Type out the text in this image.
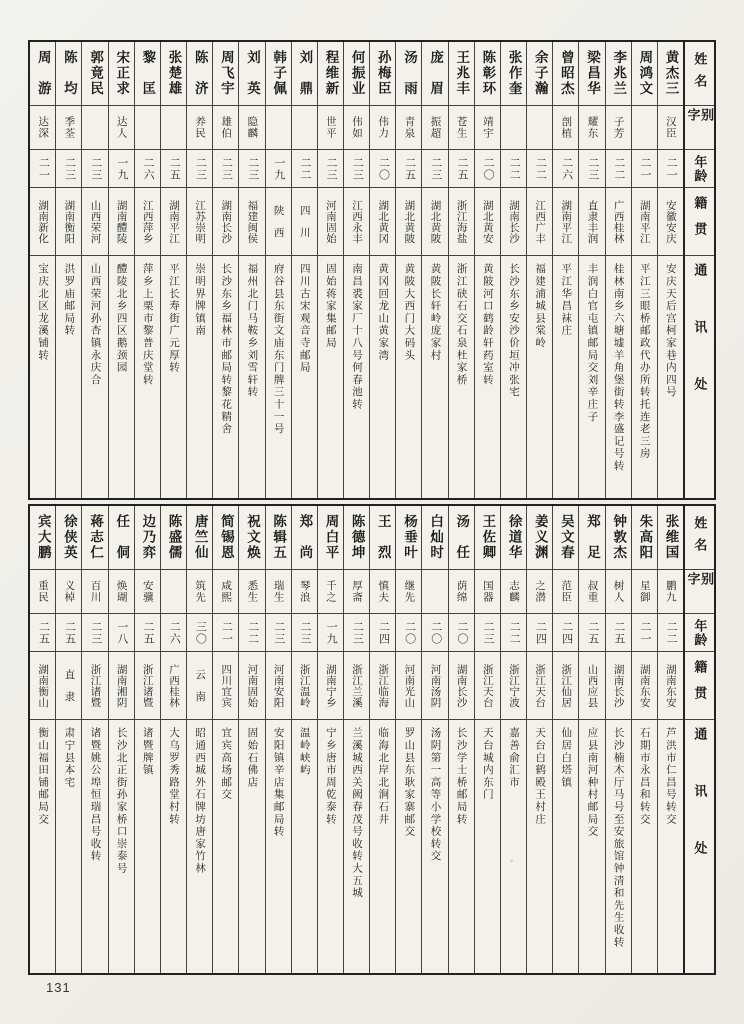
姓名
别字
年龄
籍贯
通讯处
黄杰三
汉臣
二一
安徽安庆
安庆天后宫柯家巷内四号
周鸿文
二一
湖南平江
平江三眼桥邮政代办所转托连老三房
李兆兰
子芳
二二
广西桂林
桂林南乡六塘墟羊角堡街转李盛记号转
梁昌华
耀东
二三
直隶丰润
丰润白官屯镇邮局交刘辛庄子
曾昭杰
剖植
二六
湖南平江
平江华昌袜庄
余子瀚
二二
江西广丰
福建浦城县棠岭
张作奎
二二
湖南长沙
长沙东乡安沙价垣冲张宅
陈彰环
靖宇
二〇
湖北黄安
黄陂河口鹤龄轩药室转
王兆丰
苍生
二五
浙江海盐
浙江硖石交石泉杜家桥
庞　眉
振超
二三
湖北黄陂
黄陂长轩岭庞家村
汤　雨
青泉
二五
湖北黄陂
黄陂大西门大码头
孙梅臣
伟力
二〇
湖北黄冈
黄冈回龙山黄家湾
何振业
伟如
二三
江西永丰
南昌裘家厂十八号何春池转
程维新
世平
二三
河南固始
固始蒋家集邮局
刘　鼎
二二
四　川
四川古宋观音寺邮局
韩子佩
一九
陕　西
府谷县东街文庙东门牌三十一号
刘　英
隐麟
二三
福建闽侯
福州北门马鞍乡刘雪轩转
周飞宇
雄伯
二三
湖南长沙
长沙东乡福林市邮局转黎花精舍
陈　济
养民
二三
江苏崇明
崇明界牌镇南
张楚雄
二五
湖南平江
平江长寿街广元厚转
黎　匡
二六
江西萍乡
萍乡上栗市黎普庆堂转
宋正求
达人
一九
湖南醴陵
醴陵北乡四区鹅颈园
郭竟民
二三
山西荣河
山西荣河孙杏镇永庆合
陈　均
季荃
二三
湖南衡阳
洪罗庙邮局转
周　游
达深
二一
湖南新化
宝庆北区龙溪铺转
姓名
别字
年龄
籍贯
通讯处
张维国
鹏九
二二
湖南东安
芦洪市仁昌号转交
朱高阳
星御
二一
湖南东安
石期市永昌和转交
钟敦杰
树人
二五
湖南长沙
长沙楠木厅马号至安旅馆钟清和先生收转
郑　足
叔重
二五
山西应县
应县南河种村邮局交
吴文春
范臣
二四
浙江仙居
仙居白塔镇
姜义渊
之潜
二四
浙江天台
天台白鹤殿王村庄
徐道华
志麟
二二
浙江宁波
嘉善俞汇市
王佐卿
国器
二三
浙江天台
天台城内东门
汤　任
荫绵
二〇
湖南长沙
长沙学士桥邮局转
白灿时
二〇
河南汤阴
汤阴第一高等小学校转交
杨垂叶
继先
二〇
河南光山
罗山县东耿家寨邮交
王　烈
慎夫
二四
浙江临海
临海北岸北涧石井
陈德坤
厚斋
二三
浙江兰溪
兰溪城西关阙春茂号收转大五城
周白平
千之
一九
湖南宁乡
宁乡唐市周乾泰转
郑　尚
琴浪
二三
浙江温岭
温岭峡屿
陈辑五
瑞生
二三
河南安阳
安阳镇辛店集邮局转
祝文焕
悉生
二二
河南固始
固始石佛店
简锡恩
咸熙
二一
四川宜宾
宜宾高场邮交
唐竺仙
筑先
三〇
云　南
昭通西城外石牌坊唐家竹林
陈盛儒
二六
广西桂林
大乌罗秀路堂村转
边乃弈
安骥
二五
浙江诸暨
诸暨牌镇
任　侗
焕瑚
一八
湖南湘阴
长沙北正街孙家桥口崇泰号
蒋志仁
百川
二三
浙江诸暨
诸暨姚公埠恒瑞昌号收转
徐侠英
义棹
二五
直　隶
肃宁县本宅
宾大鹏
重民
二五
湖南衡山
衡山福田铺邮局交
131
